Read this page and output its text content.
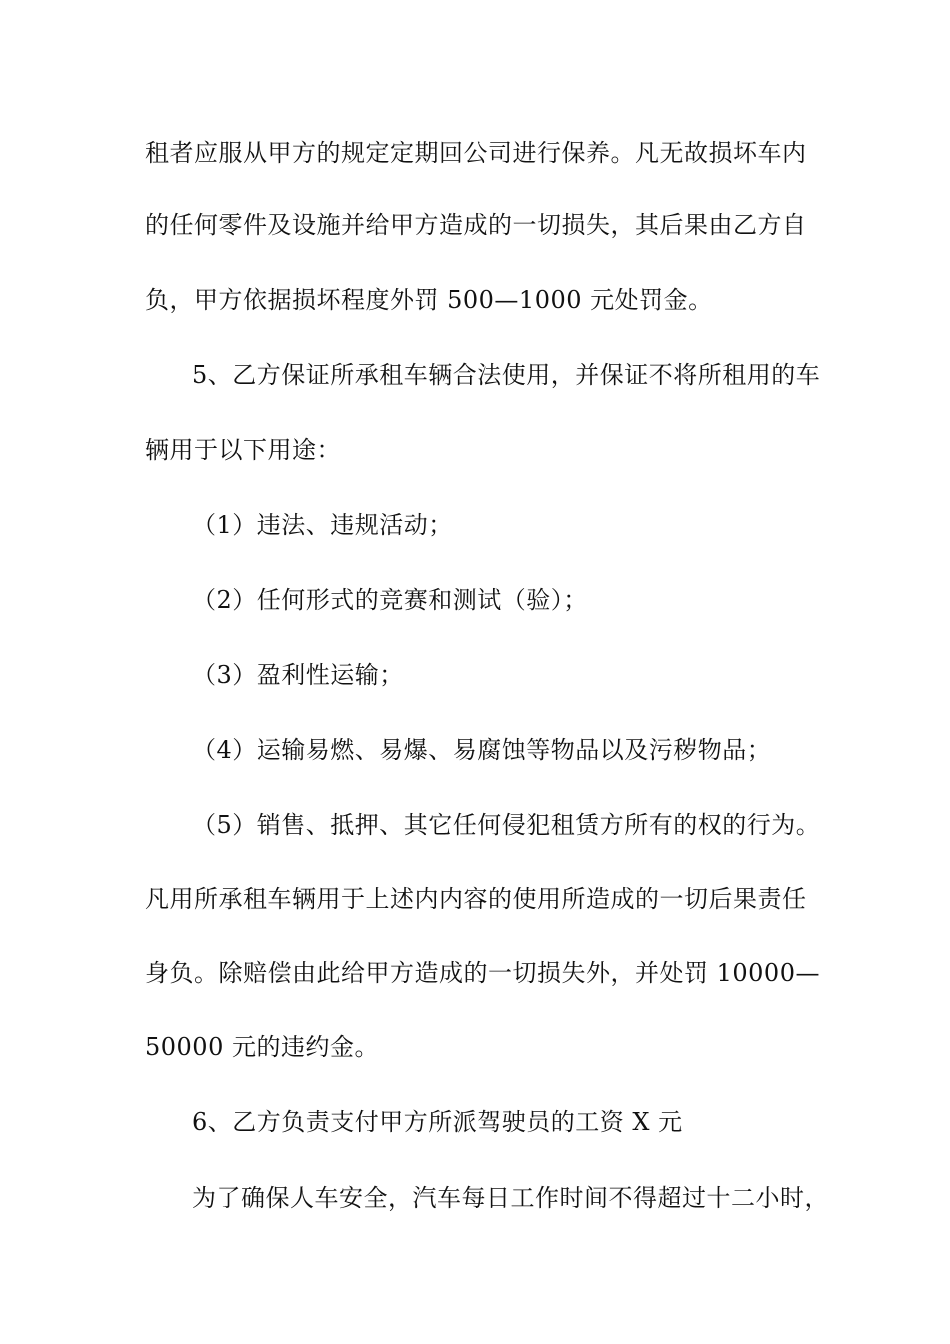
租者应服从甲方的规定定期回公司进行保养。凡无故损坏车内
的任何零件及设施并给甲方造成的一切损失，其后果由乙方自
负，甲方依据损坏程度外罚 500—1000 元处罚金。
5、乙方保证所承租车辆合法使用，并保证不将所租用的车
辆用于以下用途：
（1）违法、违规活动；
（2）任何形式的竞赛和测试（验）；
（3）盈利性运输；
（4）运输易燃、易爆、易腐蚀等物品以及污秽物品；
（5）销售、抵押、其它任何侵犯租赁方所有的权的行为。
凡用所承租车辆用于上述内内容的使用所造成的一切后果责任
身负。除赔偿由此给甲方造成的一切损失外，并处罚 10000—
50000 元的违约金。
6、乙方负责支付甲方所派驾驶员的工资 X 元
为了确保人车安全，汽车每日工作时间不得超过十二小时，
